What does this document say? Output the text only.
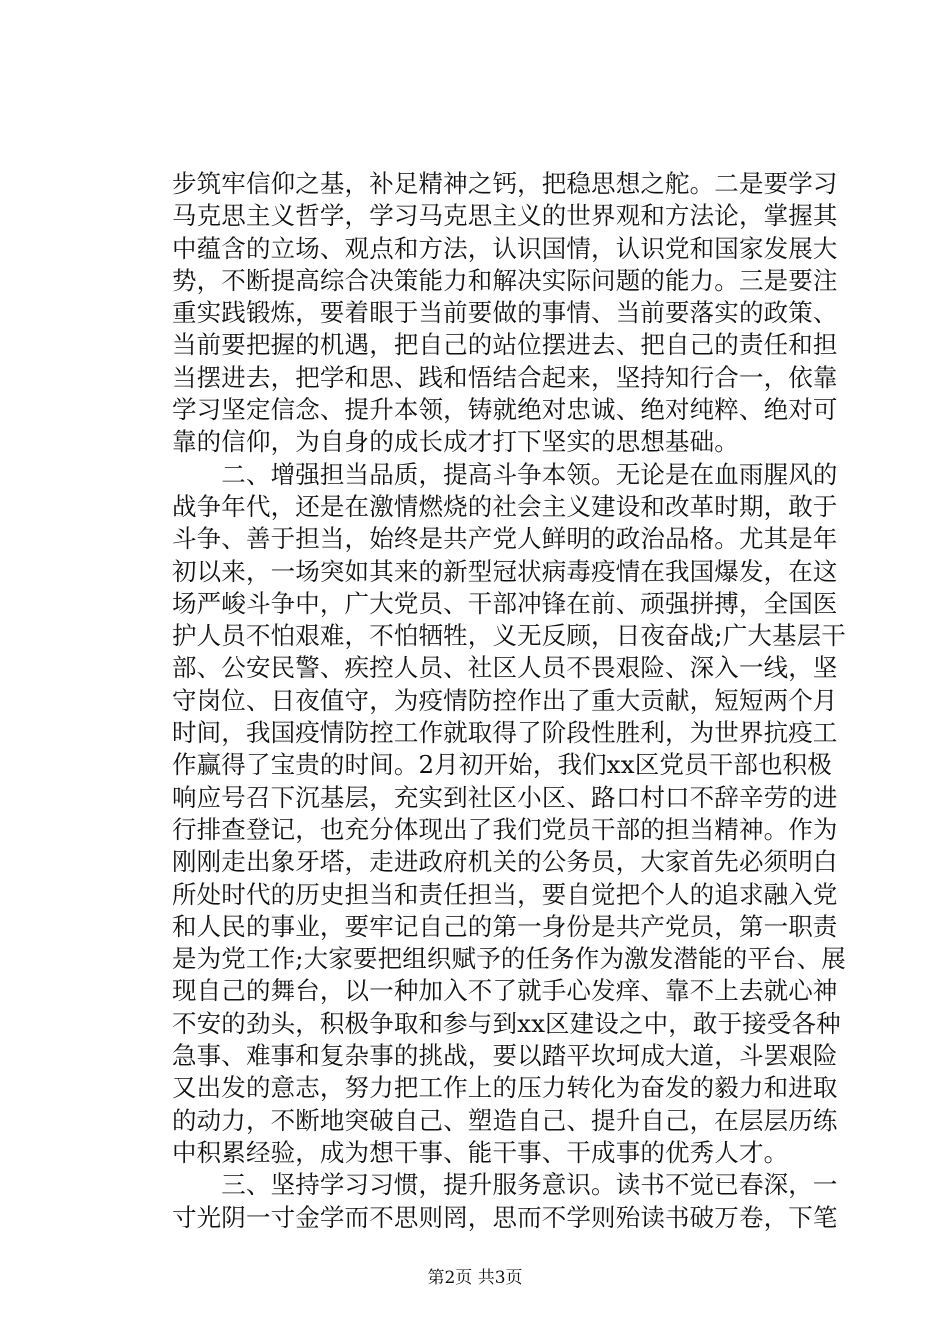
步筑牢信仰之基，补足精神之钙，把稳思想之舵。二是要学习
马克思主义哲学，学习马克思主义的世界观和方法论，掌握其
中蕴含的立场、观点和方法，认识国情，认识党和国家发展大
势，不断提高综合决策能力和解决实际问题的能力。三是要注
重实践锻炼，要着眼于当前要做的事情、当前要落实的政策、
当前要把握的机遇，把自己的站位摆进去、把自己的责任和担
当摆进去，把学和思、践和悟结合起来，坚持知行合一，依靠
学习坚定信念、提升本领，铸就绝对忠诚、绝对纯粹、绝对可
靠的信仰，为自身的成长成才打下坚实的思想基础。
　　二、增强担当品质，提高斗争本领。无论是在血雨腥风的
战争年代，还是在激情燃烧的社会主义建设和改革时期，敢于
斗争、善于担当，始终是共产党人鲜明的政治品格。尤其是年
初以来，一场突如其来的新型冠状病毒疫情在我国爆发，在这
场严峻斗争中，广大党员、干部冲锋在前、顽强拼搏，全国医
护人员不怕艰难，不怕牺牲，义无反顾，日夜奋战;广大基层干
部、公安民警、疾控人员、社区人员不畏艰险、深入一线，坚
守岗位、日夜值守，为疫情防控作出了重大贡献，短短两个月
时间，我国疫情防控工作就取得了阶段性胜利，为世界抗疫工
作赢得了宝贵的时间。2月初开始，我们xx区党员干部也积极
响应号召下沉基层，充实到社区小区、路口村口不辞辛劳的进
行排查登记，也充分体现出了我们党员干部的担当精神。作为
刚刚走出象牙塔，走进政府机关的公务员，大家首先必须明白
所处时代的历史担当和责任担当，要自觉把个人的追求融入党
和人民的事业，要牢记自己的第一身份是共产党员，第一职责
是为党工作;大家要把组织赋予的任务作为激发潜能的平台、展
现自己的舞台，以一种加入不了就手心发痒、靠不上去就心神
不安的劲头，积极争取和参与到xx区建设之中，敢于接受各种
急事、难事和复杂事的挑战，要以踏平坎坷成大道，斗罢艰险
又出发的意志，努力把工作上的压力转化为奋发的毅力和进取
的动力，不断地突破自己、塑造自己、提升自己，在层层历练
中积累经验，成为想干事、能干事、干成事的优秀人才。
　　三、坚持学习习惯，提升服务意识。读书不觉已春深，一
寸光阴一寸金学而不思则罔，思而不学则殆读书破万卷，下笔
第2页 共3页
